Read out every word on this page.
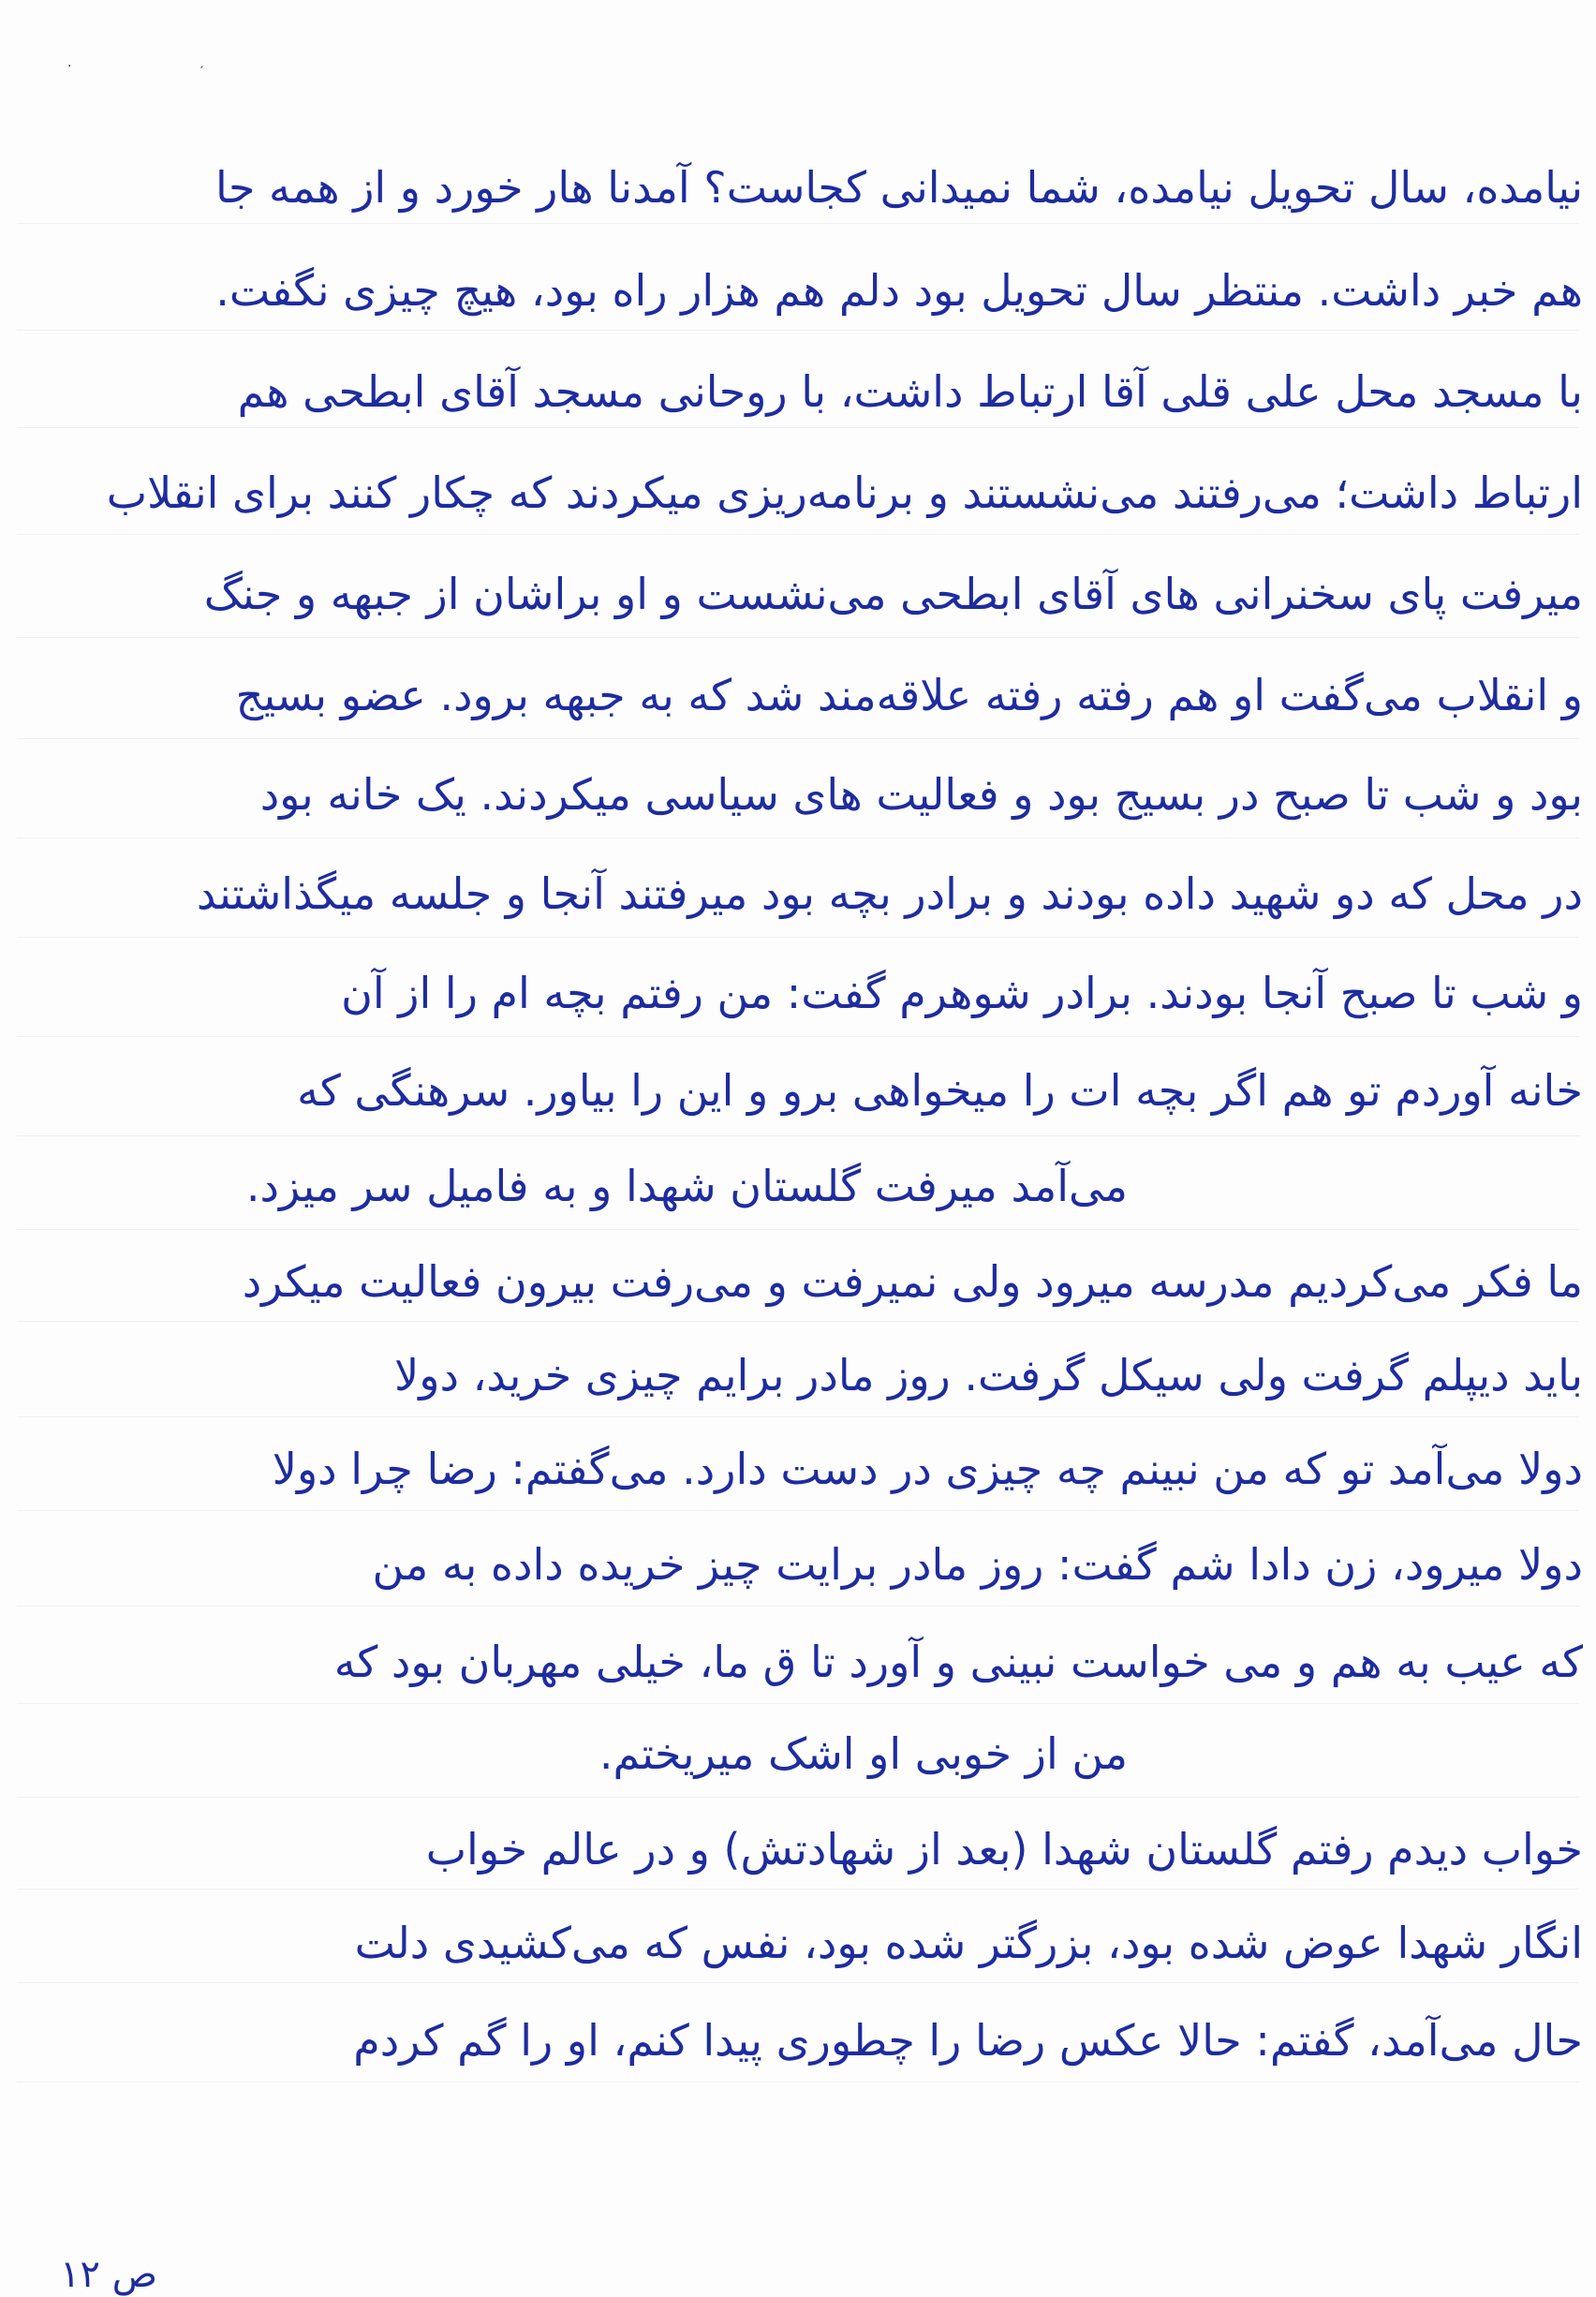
·	′
نیامده، سال تحویل نیامده، شما نمیدانی کجاست؟ آمدنا هار خورد و از همه جا
هم خبر داشت. منتظر سال تحویل بود دلم هم هزار راه بود، هیچ چیزی نگفت.
با مسجد محل علی قلی آقا ارتباط داشت، با روحانی مسجد آقای ابطحی هم
ارتباط داشت؛ می‌رفتند می‌نشستند و برنامه‌ریزی میکردند که چکار کنند برای انقلاب
میرفت پای سخنرانی های آقای ابطحی می‌نشست و او براشان از جبهه و جنگ
و انقلاب می‌گفت او هم رفته رفته علاقه‌مند شد که به جبهه برود. عضو بسیج
بود و شب تا صبح در بسیج بود و فعالیت های سیاسی میکردند. یک خانه بود
در محل که دو شهید داده بودند و برادر بچه بود میرفتند آنجا و جلسه میگذاشتند
و شب تا صبح آنجا بودند. برادر شوهرم گفت: من رفتم بچه ام را از آن
خانه آوردم تو هم اگر بچه ات را میخواهی برو و این را بیاور. سرهنگی که
می‌آمد میرفت گلستان شهدا و به فامیل سر میزد.
ما فکر می‌کردیم مدرسه میرود ولی نمیرفت و می‌رفت بیرون فعالیت میکرد
باید دیپلم گرفت ولی سیکل گرفت. روز مادر برایم چیزی خرید، دولا
دولا می‌آمد تو که من نبینم چه چیزی در دست دارد. می‌گفتم: رضا چرا دولا
دولا میرود، زن دادا شم گفت: روز مادر برایت چیز خریده داده به من
که عیب به هم و می خواست نبینی و آورد تا ق ما، خیلی مهربان بود که
من از خوبی او اشک میریختم.
خواب دیدم رفتم گلستان شهدا (بعد از شهادتش) و در عالم خواب
انگار شهدا عوض شده بود، بزرگتر شده بود، نفس که می‌کشیدی دلت
حال می‌آمد، گفتم: حالا عکس رضا را چطوری پیدا کنم، او را گم کردم
ص ۱۲
